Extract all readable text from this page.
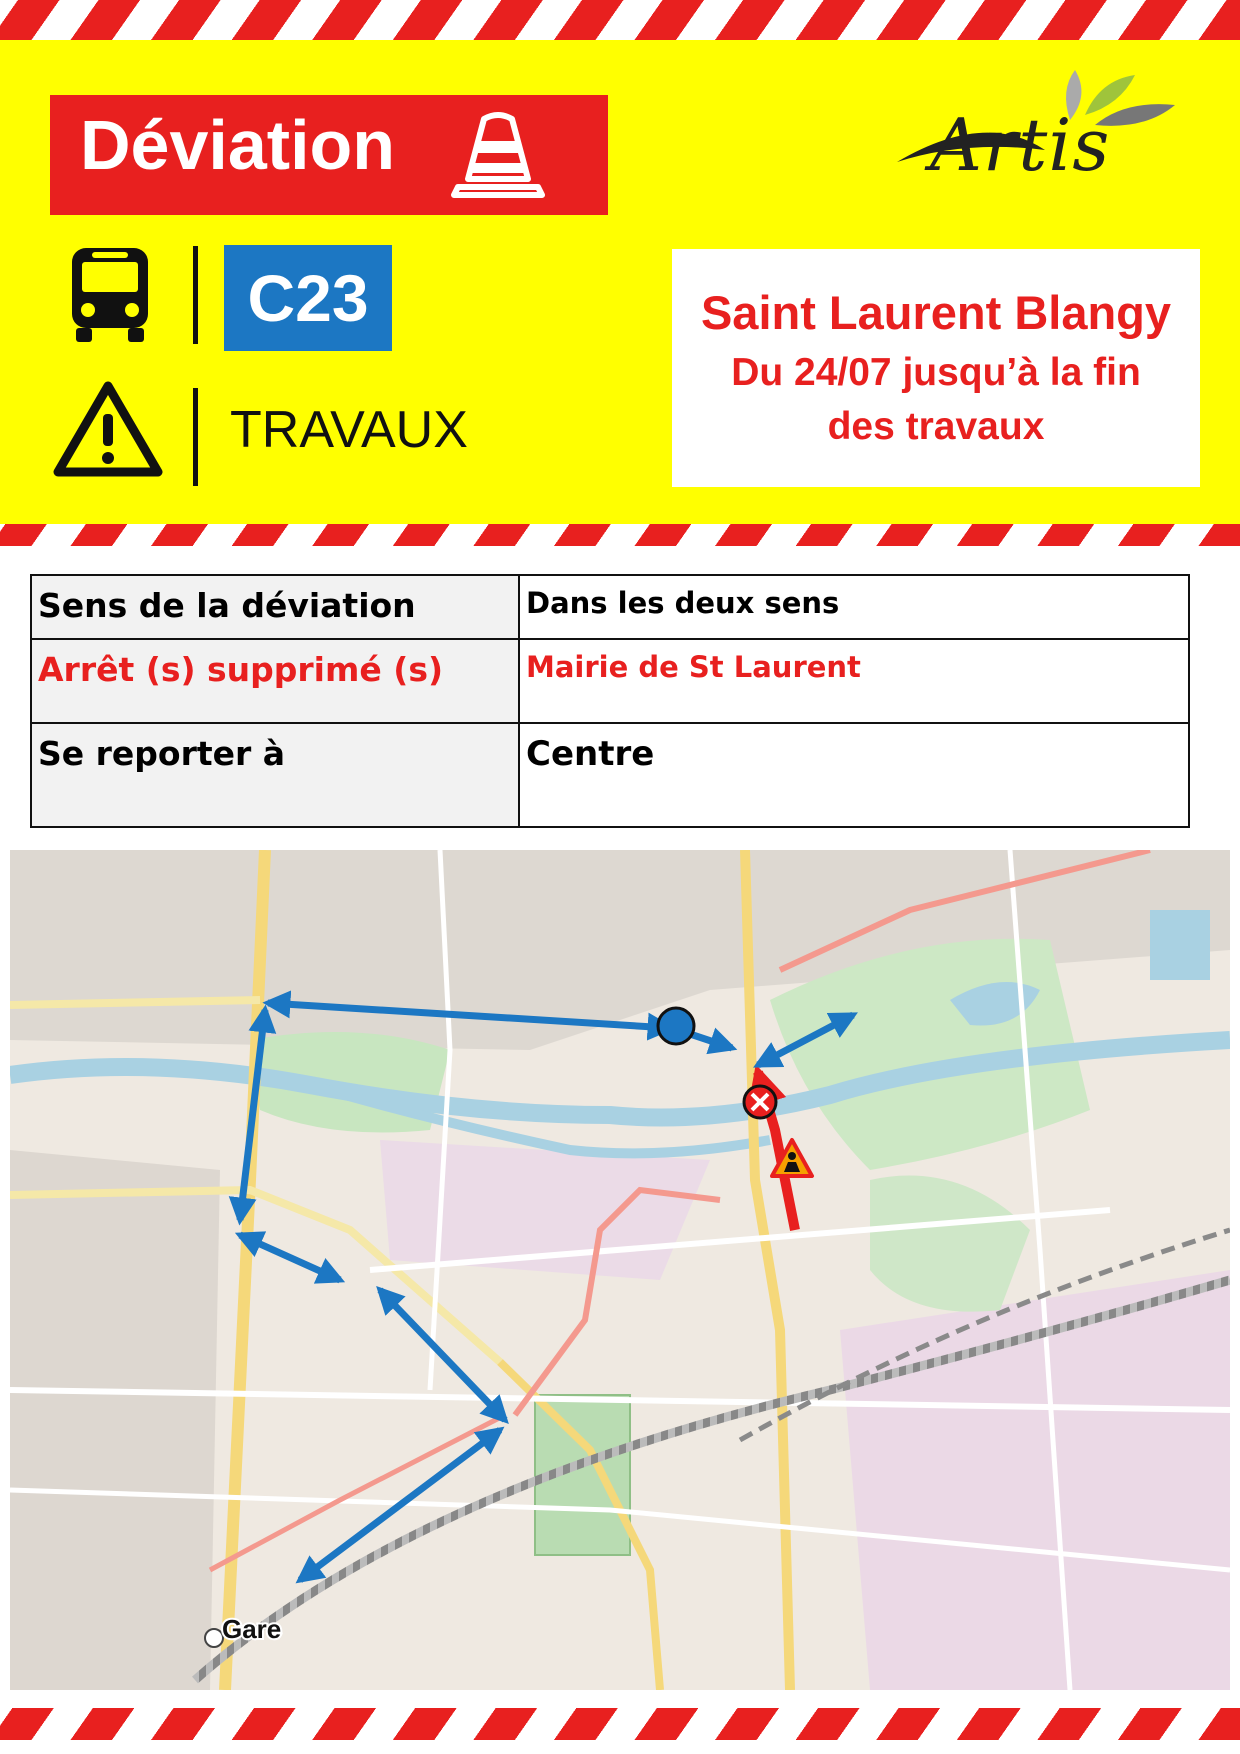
Déviation	Artis
C23
TRAVAUX
Saint Laurent Blangy
Du 24/07 jusqu’à la fin
des travaux
Sens de la déviation	Dans les deux sens
Arrêt (s) supprimé (s)	Mairie de St Laurent
Se reporter à	Centre
Gare
